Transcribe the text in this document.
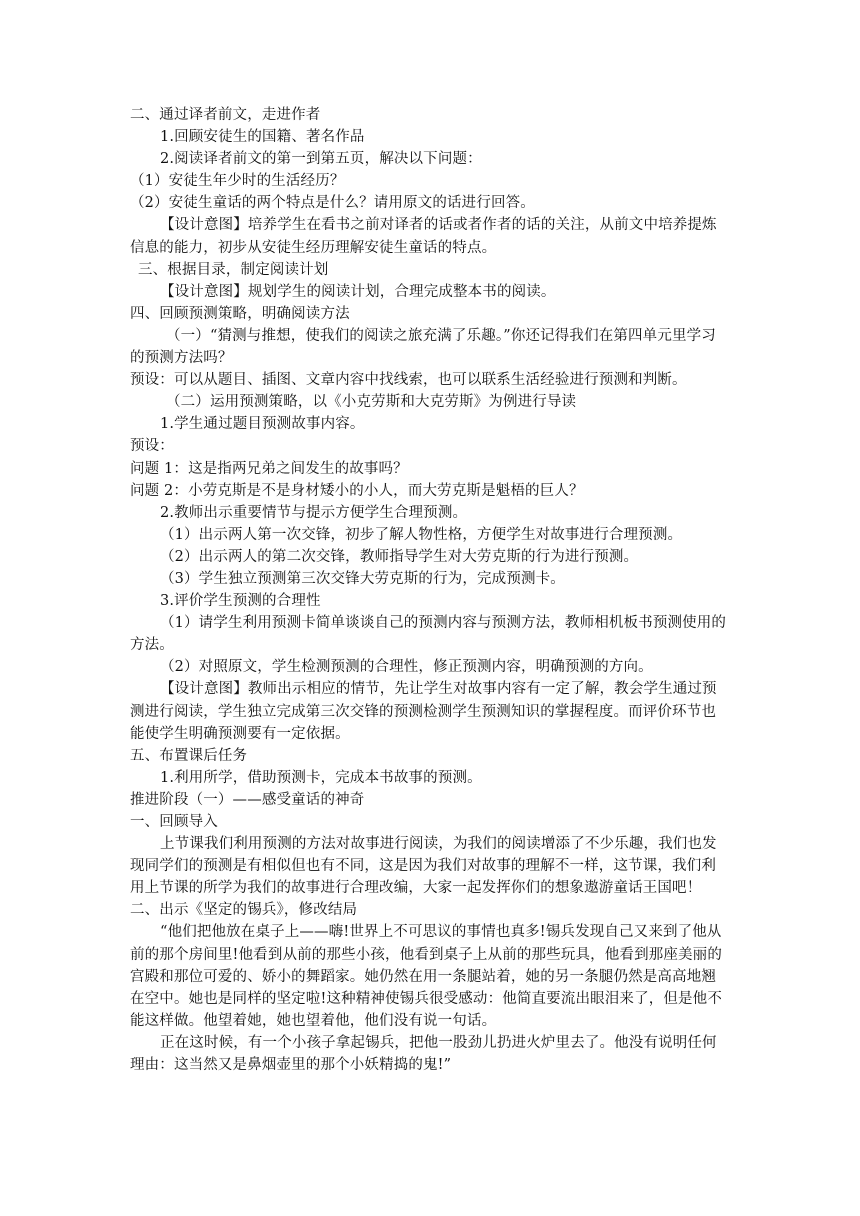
二、通过译者前文，走进作者

1.回顾安徒生的国籍、著名作品

2.阅读译者前文的第一到第五页，解决以下问题：

（1）安徒生年少时的生活经历？

（2）安徒生童话的两个特点是什么？请用原文的话进行回答。

【设计意图】培养学生在看书之前对译者的话或者作者的话的关注，从前文中培养提炼信息的能力，初步从安徒生经历理解安徒生童话的特点。

三、根据目录，制定阅读计划

【设计意图】规划学生的阅读计划，合理完成整本书的阅读。

四、回顾预测策略，明确阅读方法

（一）“猜测与推想，使我们的阅读之旅充满了乐趣。”你还记得我们在第四单元里学习的预测方法吗？

预设：可以从题目、插图、文章内容中找线索，也可以联系生活经验进行预测和判断。

（二）运用预测策略，以《小克劳斯和大克劳斯》为例进行导读

1.学生通过题目预测故事内容。

预设：

问题 1：这是指两兄弟之间发生的故事吗？

问题 2：小劳克斯是不是身材矮小的小人，而大劳克斯是魁梧的巨人？

2.教师出示重要情节与提示方便学生合理预测。

（1）出示两人第一次交锋，初步了解人物性格，方便学生对故事进行合理预测。

（2）出示两人的第二次交锋，教师指导学生对大劳克斯的行为进行预测。

（3）学生独立预测第三次交锋大劳克斯的行为，完成预测卡。

3.评价学生预测的合理性

（1）请学生利用预测卡简单谈谈自己的预测内容与预测方法，教师相机板书预测使用的方法。

（2）对照原文，学生检测预测的合理性，修正预测内容，明确预测的方向。

【设计意图】教师出示相应的情节，先让学生对故事内容有一定了解，教会学生通过预测进行阅读，学生独立完成第三次交锋的预测检测学生预测知识的掌握程度。而评价环节也能使学生明确预测要有一定依据。

五、布置课后任务

1.利用所学，借助预测卡，完成本书故事的预测。

推进阶段（一）——感受童话的神奇

一、回顾导入

上节课我们利用预测的方法对故事进行阅读，为我们的阅读增添了不少乐趣，我们也发现同学们的预测是有相似但也有不同，这是因为我们对故事的理解不一样，这节课，我们利用上节课的所学为我们的故事进行合理改编，大家一起发挥你们的想象遨游童话王国吧！

二、出示《坚定的锡兵》，修改结局

“他们把他放在桌子上——嗨!世界上不可思议的事情也真多!锡兵发现自己又来到了他从前的那个房间里!他看到从前的那些小孩，他看到桌子上从前的那些玩具，他看到那座美丽的宫殿和那位可爱的、娇小的舞蹈家。她仍然在用一条腿站着，她的另一条腿仍然是高高地翘在空中。她也是同样的坚定啦!这种精神使锡兵很受感动：他简直要流出眼泪来了，但是他不能这样做。他望着她，她也望着他，他们没有说一句话。

正在这时候，有一个小孩子拿起锡兵，把他一股劲儿扔进火炉里去了。他没有说明任何理由：这当然又是鼻烟壶里的那个小妖精捣的鬼!”
